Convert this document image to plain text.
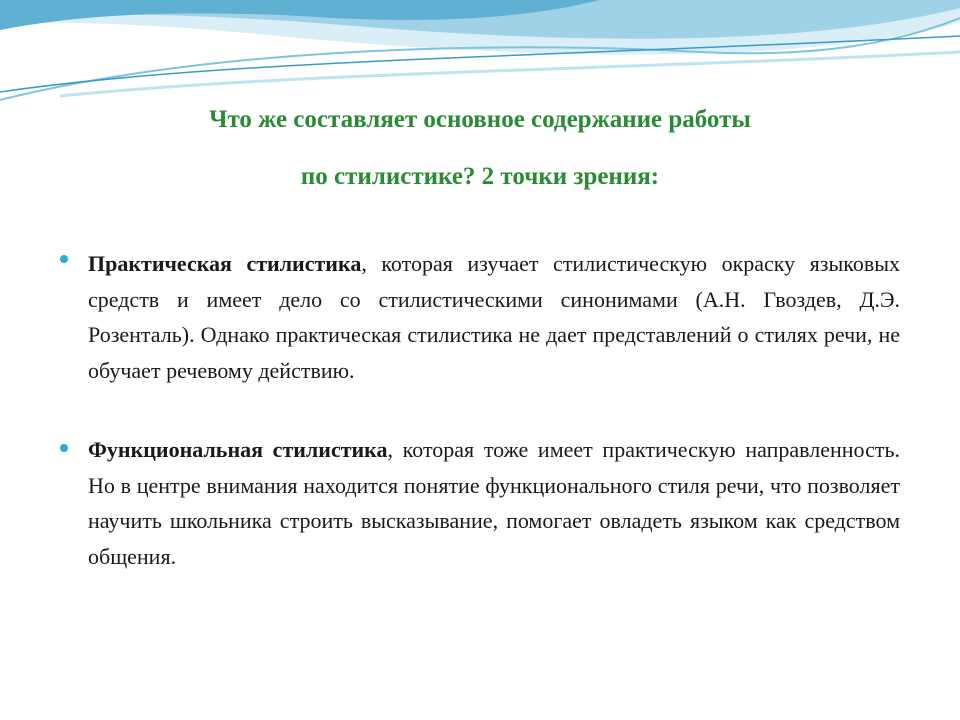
Что же составляет основное содержание работы
по стилистике? 2 точки зрения:
Практическая стилистика, которая изучает стилистическую окраску языковых средств и имеет дело со стилистическими синонимами (А.Н. Гвоздев, Д.Э. Розенталь). Однако практическая стилистика не дает представлений о стилях речи, не обучает речевому действию.
Функциональная стилистика, которая тоже имеет практическую направленность. Но в центре внимания находится понятие функционального стиля речи, что позволяет научить школьника строить высказывание, помогает овладеть языком как средством общения.
